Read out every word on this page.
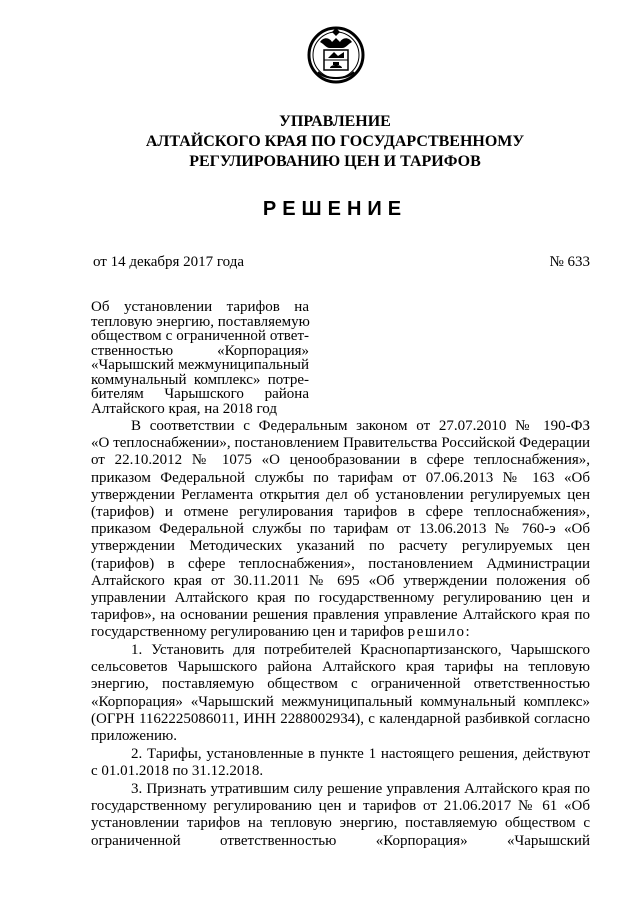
УПРАВЛЕНИЕ
АЛТАЙСКОГО КРАЯ ПО ГОСУДАРСТВЕННОМУ
РЕГУЛИРОВАНИЮ ЦЕН И ТАРИФОВ
РЕШЕНИЕ
от 14 декабря 2017 года	№ 633
Об установлении тарифов на
тепловую энергию, поставляемую
обществом с ограниченной ответ-
ственностью «Корпорация»
«Чарышский межмуниципальный
коммунальный комплекс» потре-
бителям Чарышского района
Алтайского края, на 2018 год
В соответствии с Федеральным законом от 27.07.2010 № 190-ФЗ
«О теплоснабжении», постановлением Правительства Российской Федерации
от 22.10.2012 № 1075 «О ценообразовании в сфере теплоснабжения»,
приказом Федеральной службы по тарифам от 07.06.2013 № 163 «Об
утверждении Регламента открытия дел об установлении регулируемых цен
(тарифов) и отмене регулирования тарифов в сфере теплоснабжения»,
приказом Федеральной службы по тарифам от 13.06.2013 № 760-э «Об
утверждении Методических указаний по расчету регулируемых цен
(тарифов) в сфере теплоснабжения», постановлением Администрации
Алтайского края от 30.11.2011 № 695 «Об утверждении положения об
управлении Алтайского края по государственному регулированию цен и
тарифов», на основании решения правления управление Алтайского края по
государственному регулированию цен и тарифов решило:
1. Установить для потребителей Краснопартизанского, Чарышского
сельсоветов Чарышского района Алтайского края тарифы на тепловую
энергию, поставляемую обществом с ограниченной ответственностью
«Корпорация» «Чарышский межмуниципальный коммунальный комплекс»
(ОГРН 1162225086011, ИНН 2288002934), с календарной разбивкой согласно
приложению.
2. Тарифы, установленные в пункте 1 настоящего решения, действуют
с 01.01.2018 по 31.12.2018.
3. Признать утратившим силу решение управления Алтайского края по
государственному регулированию цен и тарифов от 21.06.2017 № 61 «Об
установлении тарифов на тепловую энергию, поставляемую обществом с
ограниченной ответственностью «Корпорация» «Чарышский
